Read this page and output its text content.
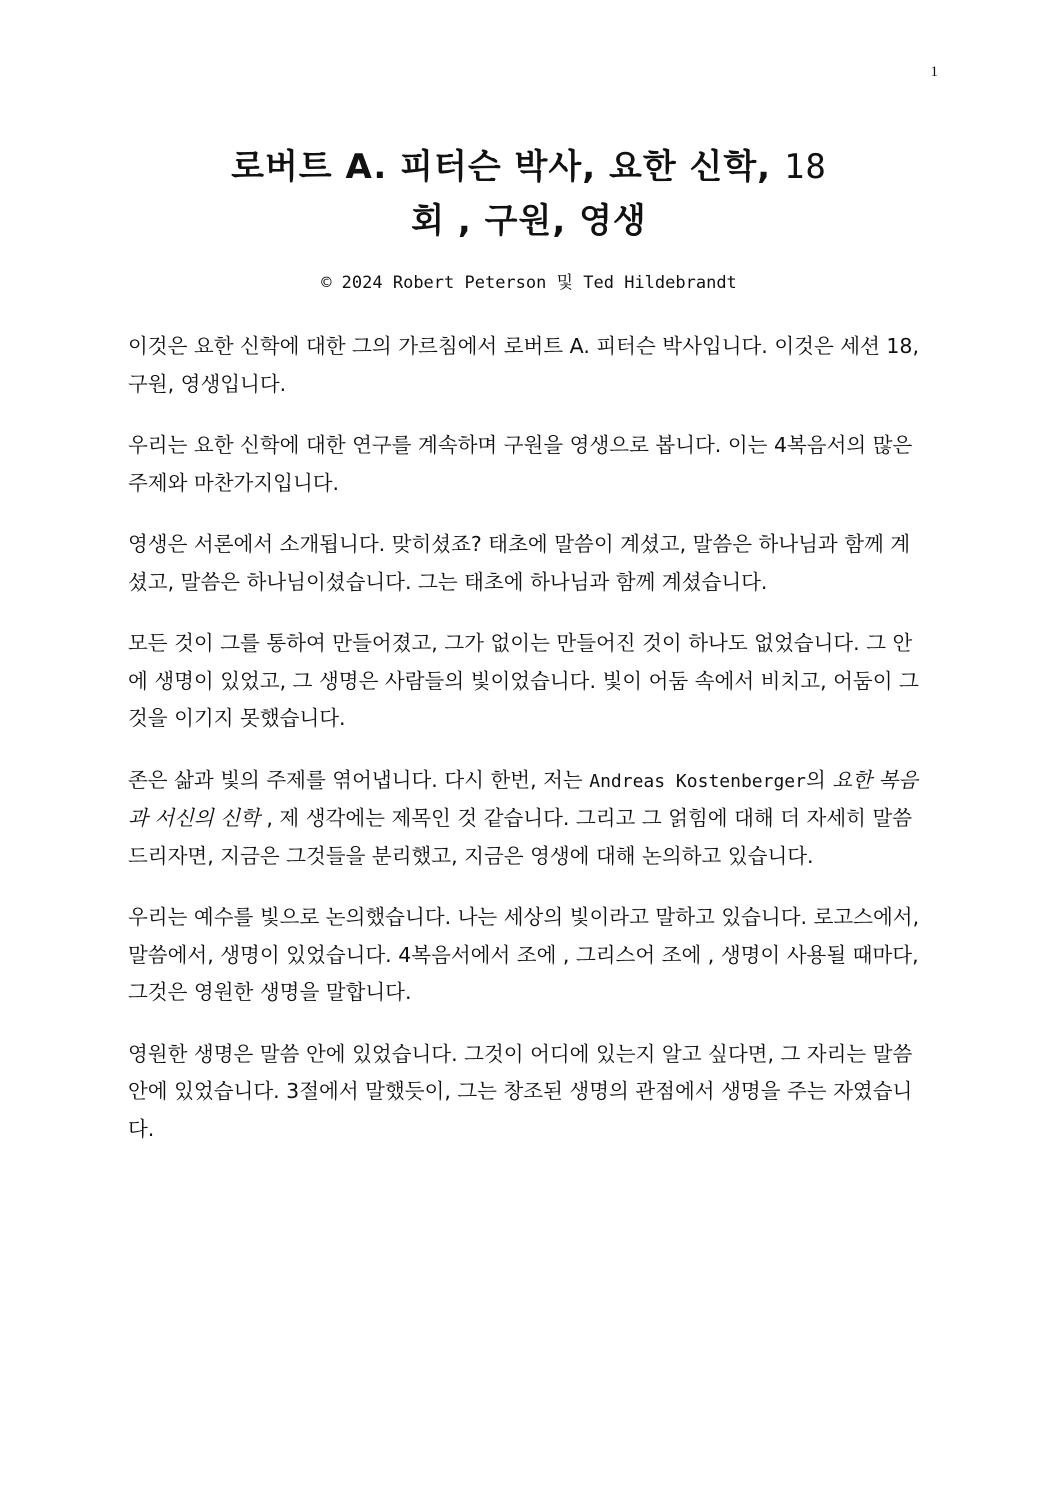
1
로버트 A. 피터슨 박사, 요한 신학, 18
회 , 구원, 영생
© 2024 Robert Peterson 및 Ted Hildebrandt

이것은 요한 신학에 대한 그의 가르침에서 로버트 A. 피터슨 박사입니다. 이것은 세션 18, 구원, 영생입니다.

우리는 요한 신학에 대한 연구를 계속하며 구원을 영생으로 봅니다. 이는 4복음서의 많은 주제와 마찬가지입니다.

영생은 서론에서 소개됩니다. 맞히셨죠? 태초에 말씀이 계셨고, 말씀은 하나님과 함께 계셨고, 말씀은 하나님이셨습니다. 그는 태초에 하나님과 함께 계셨습니다.

모든 것이 그를 통하여 만들어졌고, 그가 없이는 만들어진 것이 하나도 없었습니다. 그 안에 생명이 있었고, 그 생명은 사람들의 빛이었습니다. 빛이 어둠 속에서 비치고, 어둠이 그것을 이기지 못했습니다.

존은 삶과 빛의 주제를 엮어냅니다. 다시 한번, 저는 Andreas Kostenberger의 요한 복음과 서신의 신학 , 제 생각에는 제목인 것 같습니다. 그리고 그 얽힘에 대해 더 자세히 말씀드리자면, 지금은 그것들을 분리했고, 지금은 영생에 대해 논의하고 있습니다.

우리는 예수를 빛으로 논의했습니다. 나는 세상의 빛이라고 말하고 있습니다. 로고스에서, 말씀에서, 생명이 있었습니다. 4복음서에서 조에 , 그리스어 조에 , 생명이 사용될 때마다, 그것은 영원한 생명을 말합니다.

영원한 생명은 말씀 안에 있었습니다. 그것이 어디에 있는지 알고 싶다면, 그 자리는 말씀 안에 있었습니다. 3절에서 말했듯이, 그는 창조된 생명의 관점에서 생명을 주는 자였습니다.
